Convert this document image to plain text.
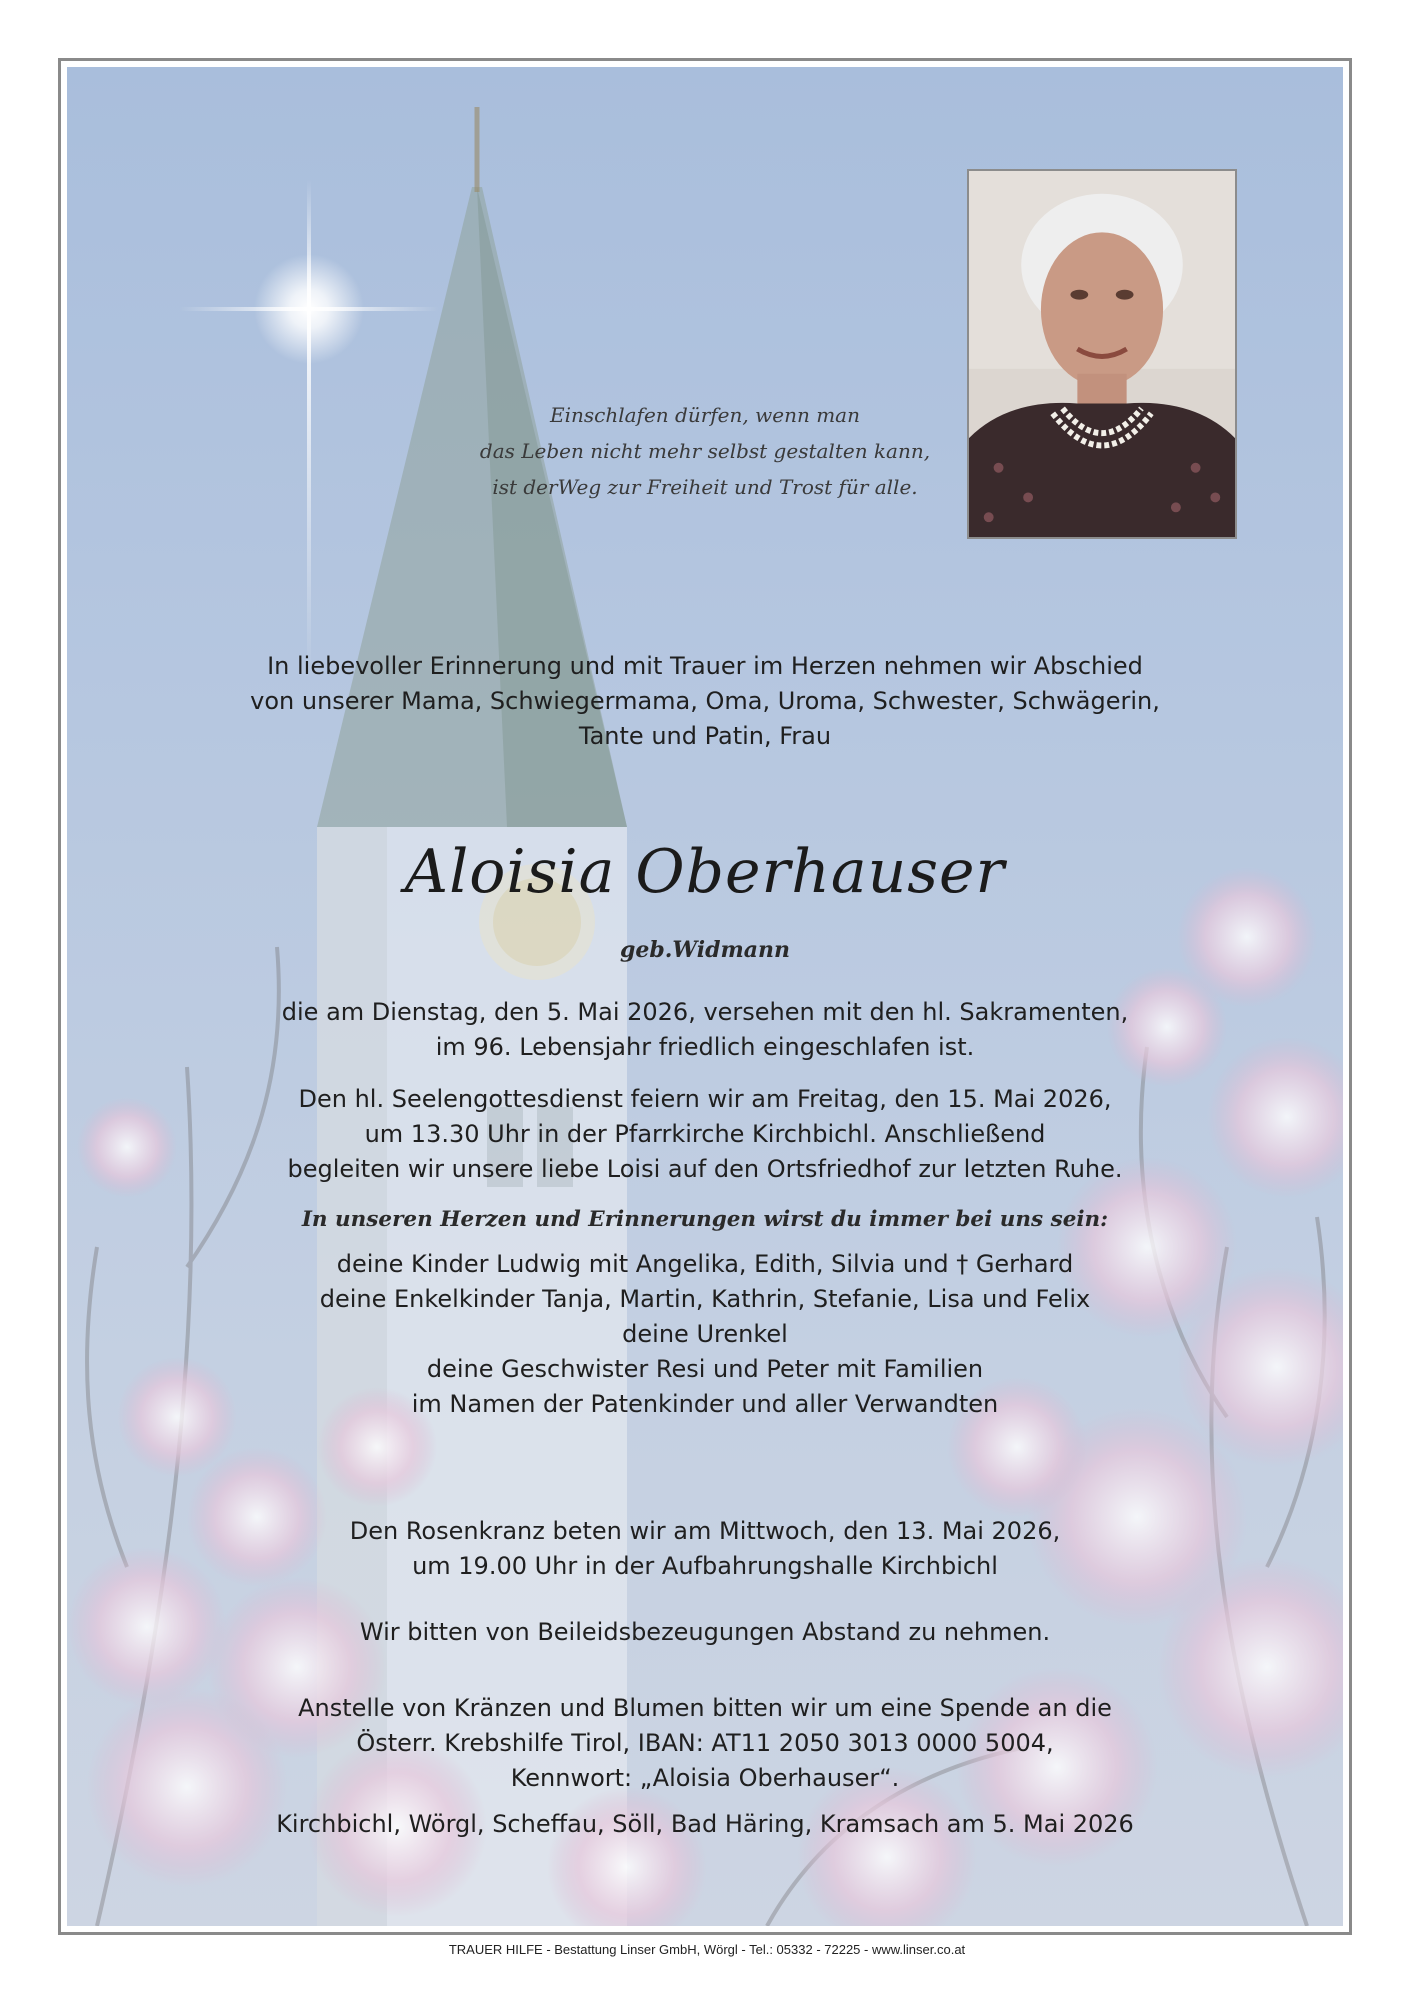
Einschlafen dürfen, wenn man
das Leben nicht mehr selbst gestalten kann,
ist derWeg zur Freiheit und Trost für alle.
In liebevoller Erinnerung und mit Trauer im Herzen nehmen wir Abschied
von unserer Mama, Schwiegermama, Oma, Uroma, Schwester, Schwägerin,
Tante und Patin, Frau
Aloisia Oberhauser
geb.Widmann
die am Dienstag, den 5. Mai 2026, versehen mit den hl. Sakramenten,
im 96. Lebensjahr friedlich eingeschlafen ist.
Den hl. Seelengottesdienst feiern wir am Freitag, den 15. Mai 2026,
um 13.30 Uhr in der Pfarrkirche Kirchbichl. Anschließend
begleiten wir unsere liebe Loisi auf den Ortsfriedhof zur letzten Ruhe.
In unseren Herzen und Erinnerungen wirst du immer bei uns sein:
deine Kinder Ludwig mit Angelika, Edith, Silvia und † Gerhard
deine Enkelkinder Tanja, Martin, Kathrin, Stefanie, Lisa und Felix
deine Urenkel
deine Geschwister Resi und Peter mit Familien
im Namen der Patenkinder und aller Verwandten
Den Rosenkranz beten wir am Mittwoch, den 13. Mai 2026,
um 19.00 Uhr in der Aufbahrungshalle Kirchbichl
Wir bitten von Beileidsbezeugungen Abstand zu nehmen.
Anstelle von Kränzen und Blumen bitten wir um eine Spende an die
Österr. Krebshilfe Tirol, IBAN: AT11 2050 3013 0000 5004,
Kennwort: „Aloisia Oberhauser“.
Kirchbichl, Wörgl, Scheffau, Söll, Bad Häring, Kramsach am 5. Mai 2026
TRAUER HILFE - Bestattung Linser GmbH, Wörgl - Tel.: 05332 - 72225 - www.linser.co.at
